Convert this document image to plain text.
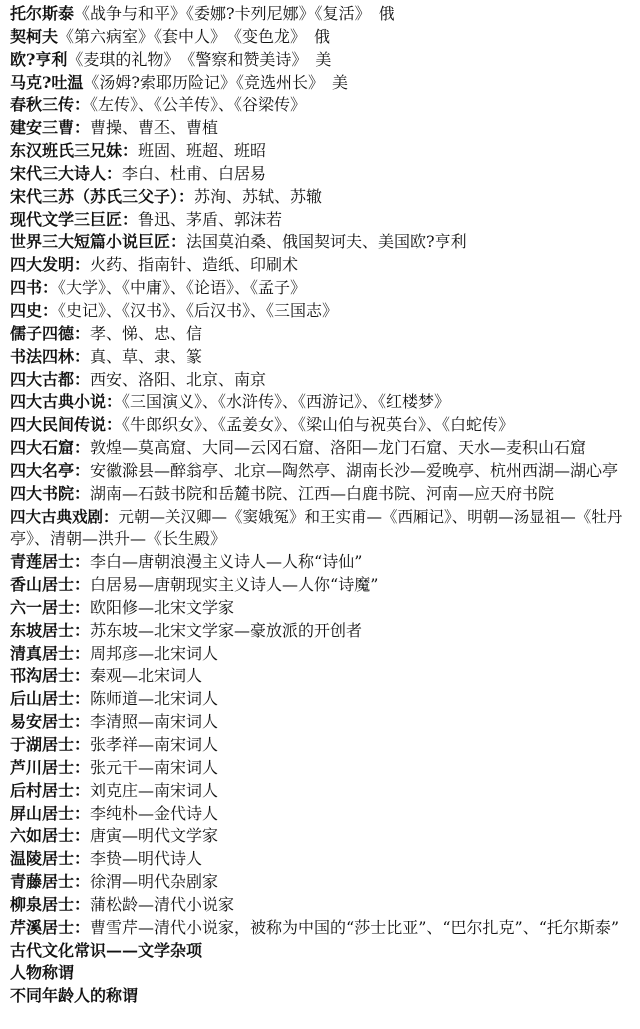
托尔斯泰《战争与和平》《委娜?卡列尼娜》《复活》　俄
契柯夫《第六病室》《套中人》　《变色龙》　俄
欧?亨利《麦琪的礼物》　《警察和赞美诗》　美
马克?吐温《汤姆?索耶历险记》《竞选州长》　美
春秋三传：《左传》、《公羊传》、《谷梁传》
建安三曹：曹操、曹丕、曹植
东汉班氏三兄妹：班固、班超、班昭
宋代三大诗人：李白、杜甫、白居易
宋代三苏（苏氏三父子）：苏洵、苏轼、苏辙
现代文学三巨匠：鲁迅、茅盾、郭沫若
世界三大短篇小说巨匠：法国莫泊桑、俄国契诃夫、美国欧?亨利
四大发明：火药、指南针、造纸、印刷术
四书：《大学》、《中庸》、《论语》、《孟子》
四史：《史记》、《汉书》、《后汉书》、《三国志》
儒子四德：孝、悌、忠、信
书法四林：真、草、隶、篆
四大古都：西安、洛阳、北京、南京
四大古典小说：《三国演义》、《水浒传》、《西游记》、《红楼梦》
四大民间传说：《牛郎织女》、《孟姜女》、《梁山伯与祝英台》、《白蛇传》
四大石窟：敦煌—莫高窟、大同—云冈石窟、洛阳—龙门石窟、天水—麦积山石窟
四大名亭：安徽滁县—醉翁亭、北京—陶然亭、湖南长沙—爱晚亭、杭州西湖—湖心亭
四大书院：湖南—石鼓书院和岳麓书院、江西—白鹿书院、河南—应天府书院
四大古典戏剧：元朝—关汉卿—《窦娥冤》和王实甫—《西厢记》、明朝—汤显祖—《牡丹
亭》、清朝—洪升—《长生殿》
青莲居士：李白—唐朝浪漫主义诗人—人称“诗仙”
香山居士：白居易—唐朝现实主义诗人—人你“诗魔”
六一居士：欧阳修—北宋文学家
东坡居士：苏东坡—北宋文学家—豪放派的开创者
清真居士：周邦彦—北宋词人
邗沟居士：秦观—北宋词人
后山居士：陈师道—北宋词人
易安居士：李清照—南宋词人
于湖居士：张孝祥—南宋词人
芦川居士：张元干—南宋词人
后村居士：刘克庄—南宋词人
屏山居士：李纯朴—金代诗人
六如居士：唐寅—明代文学家
温陵居士：李贽—明代诗人
青藤居士：徐渭—明代杂剧家
柳泉居士：蒲松龄—清代小说家
芹溪居士：曹雪芹—清代小说家，被称为中国的“莎士比亚”、“巴尔扎克”、“托尔斯泰”
古代文化常识——文学杂项
人物称谓
不同年龄人的称谓
